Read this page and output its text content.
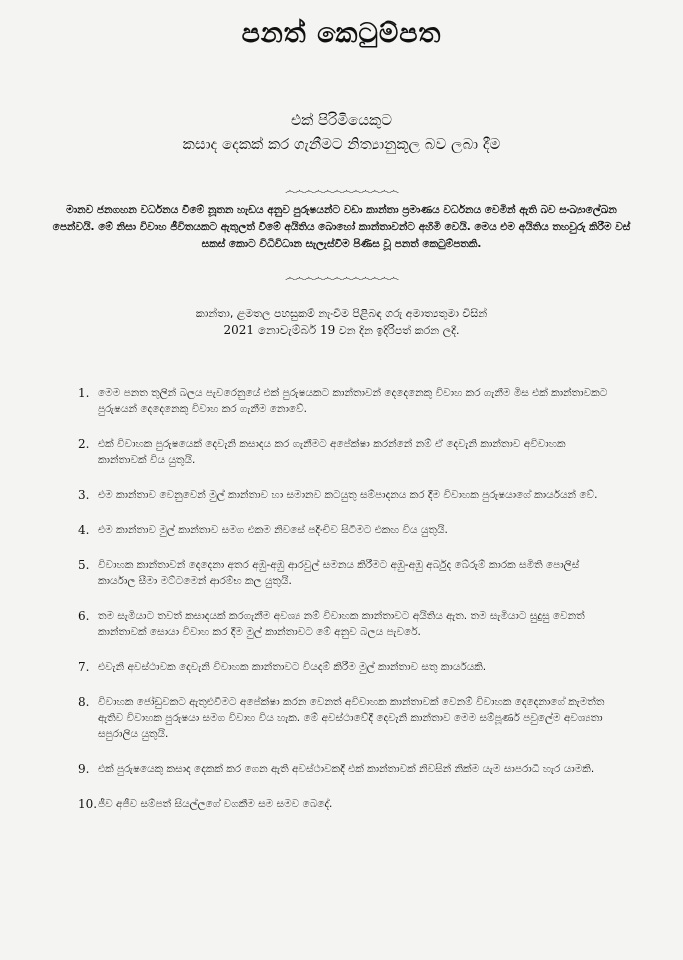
පනත් කෙටුම්පත
එක් පිරිමියෙකුට
කසාද දෙකක් කර ගැනීමට නිත්‍යානුකූල බව ලබා දීම
෴෴෴෴෴෴෴෴෴෴෴෴
මානව ජනගහන වර්ධනය වීමේ නූතන හැඩය අනුව පුරුෂයන්ට වඩා කාන්තා ප්‍රමාණය වර්ධනය වෙමින් ඇති බව සංඛ්‍යාලේඛන පෙන්වයි. මේ නිසා විවාහ ජීවිතයකට ඇතුලත් වීමේ අයිතිය බොහෝ කාන්තාවන්ට අහිමි වෙයි. මෙය එම අයිතිය තහවුරු කිරීම වස් සකස් කොට විධිවිධාන සැලැස්වීම පිණිස වූ පනත් කෙටුම්පතකි.
෴෴෴෴෴෴෴෴෴෴෴෴
කාන්තා, ළමතල පහසුකම් නැංවීම පිළිබඳ ගරු අමාත්‍යතුමා විසින්
2021 නොවැම්බර් 19 වන දින ඉදිරිපත් කරන ලදී.
1. මෙම පනත තුලින් බලය පැවරෙනුයේ එක් පුරුෂයකට කාන්තාවන් දෙදෙනෙකු විවාහ කර ගැනීම මිස එක් කාන්තාවකට පුරුෂයන් දෙදෙනෙකු විවාහ කර ගැනීම නොවේ.
2. එක් විවාහක පුරුෂයෙක් දෙවැනි කසාදය කර ගැනීමට අපේක්ෂා කරන්නේ නම් ඒ දෙවැනි කාන්තාව අවිවාහක කාන්තාවක් විය යුතුයි.
3. එම කාන්තාව වෙනුවෙන් මුල් කාන්තාව හා සමානව කටයුතු සම්පාදනය කර දීම විවාහක පුරුෂයාගේ කාර්යයන් වේ.
4. එම කාන්තාව මුල් කාන්තාව සමග එකම නිවසේ පදිංචිව සිටීමට එකඟ විය යුතුයි.
5. විවාහක කාන්තාවන් දෙදෙනා අතර අඹු-අඹු ආරවුල් සමනය කිරීමට අඹු-අඹු අර්බුද බේරුම් කාරක සමිති පොලිස් කාර්යාල සීමා මට්ටමෙන් ආරම්භ කල යුතුයි.
6. තම සැමියාට තවත් කසාදයක් කරගැනීම අවශ්‍ය නම් විවාහක කාන්තාවට අයිතිය ඇත. තම සැමියාට සුදුසු වෙනත් කාන්තාවක් සොයා විවාහ කර දීම මුල් කාන්තාවට මේ අනුව බලය පැවරේ.
7. එවැනි අවස්ථාවක දෙවැනි විවාහක කාන්තාවට වියදම් කිරීම මුල් කාන්තාව සතු කාර්යයකි.
8. විවාහක ජෝඩුවකට ඇතුළුවීමට අපේක්ෂා කරන වෙනත් අවිවාහක කාන්තාවක් වෙනම් විවාහක දෙදෙනාගේ කැමත්ත ඇතිව විවාහක පුරුෂයා සමග විවාහ විය හැක. මේ අවස්ථාවේදී දෙවැනි කාන්තාව මෙම සම්පූර්ණ පවුලේම අවශ්‍යතා සපුරාලිය යුතුයි.
9. එක් පුරුෂයෙකු කසාද දෙකක් කර ගෙන ඇති අවස්ථාවකදී එක් කාන්තාවක් නිවසින් නික්ම යැම සාපරාධී හැර යාමකි.
10. ජීව අජීව සම්පත් සියල්ලගේ වගකීම සම සමව බෙදේ.
